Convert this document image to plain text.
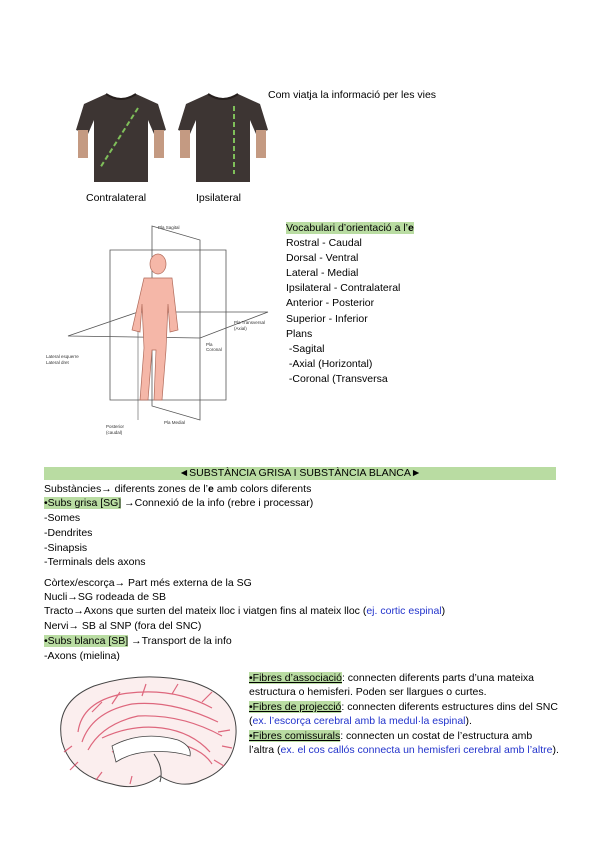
Contralateral	Ipsilateral
Com viatja la informació per les vies
Pla Sagital
Pla Transversal
(Axial)
Pla
Coronal
Lateral esquerre
Lateral dret
Posterior
(caudal)
Pla Medial
Vocabulari d’orientació a l’e
Rostral - Caudal
Dorsal - Ventral
Lateral - Medial
Ipsilateral - Contralateral
Anterior - Posterior
Superior - Inferior
Plans
-Sagital
-Axial (Horizontal)
-Coronal (Transversa
◄SUBSTÀNCIA GRISA I SUBSTÀNCIA BLANCA►
Substàncies→ diferents zones de l’e amb colors diferents
•Subs grisa [SG] →Connexió de la info (rebre i processar)
-Somes
-Dendrites
-Sinapsis
-Terminals dels axons
Còrtex/escorça→ Part més externa de la SG
Nucli→SG rodeada de SB
Tracto→Axons que surten del mateix lloc i viatgen fins al mateix lloc (ej. cortic espinal)
Nervi→ SB al SNP (fora del SNC)
•Subs blanca [SB] →Transport de la info
-Axons (mielina)
•Fibres d’associació: connecten diferents parts d’una mateixa estructura o hemisferi. Poden ser llargues o curtes.
•Fibres de projecció: connecten diferents estructures dins del SNC (ex. l’escorça cerebral amb la medul·la espinal).
•Fibres comissurals: connecten un costat de l’estructura amb l’altra (ex. el cos callós connecta un hemisferi cerebral amb l’altre).
